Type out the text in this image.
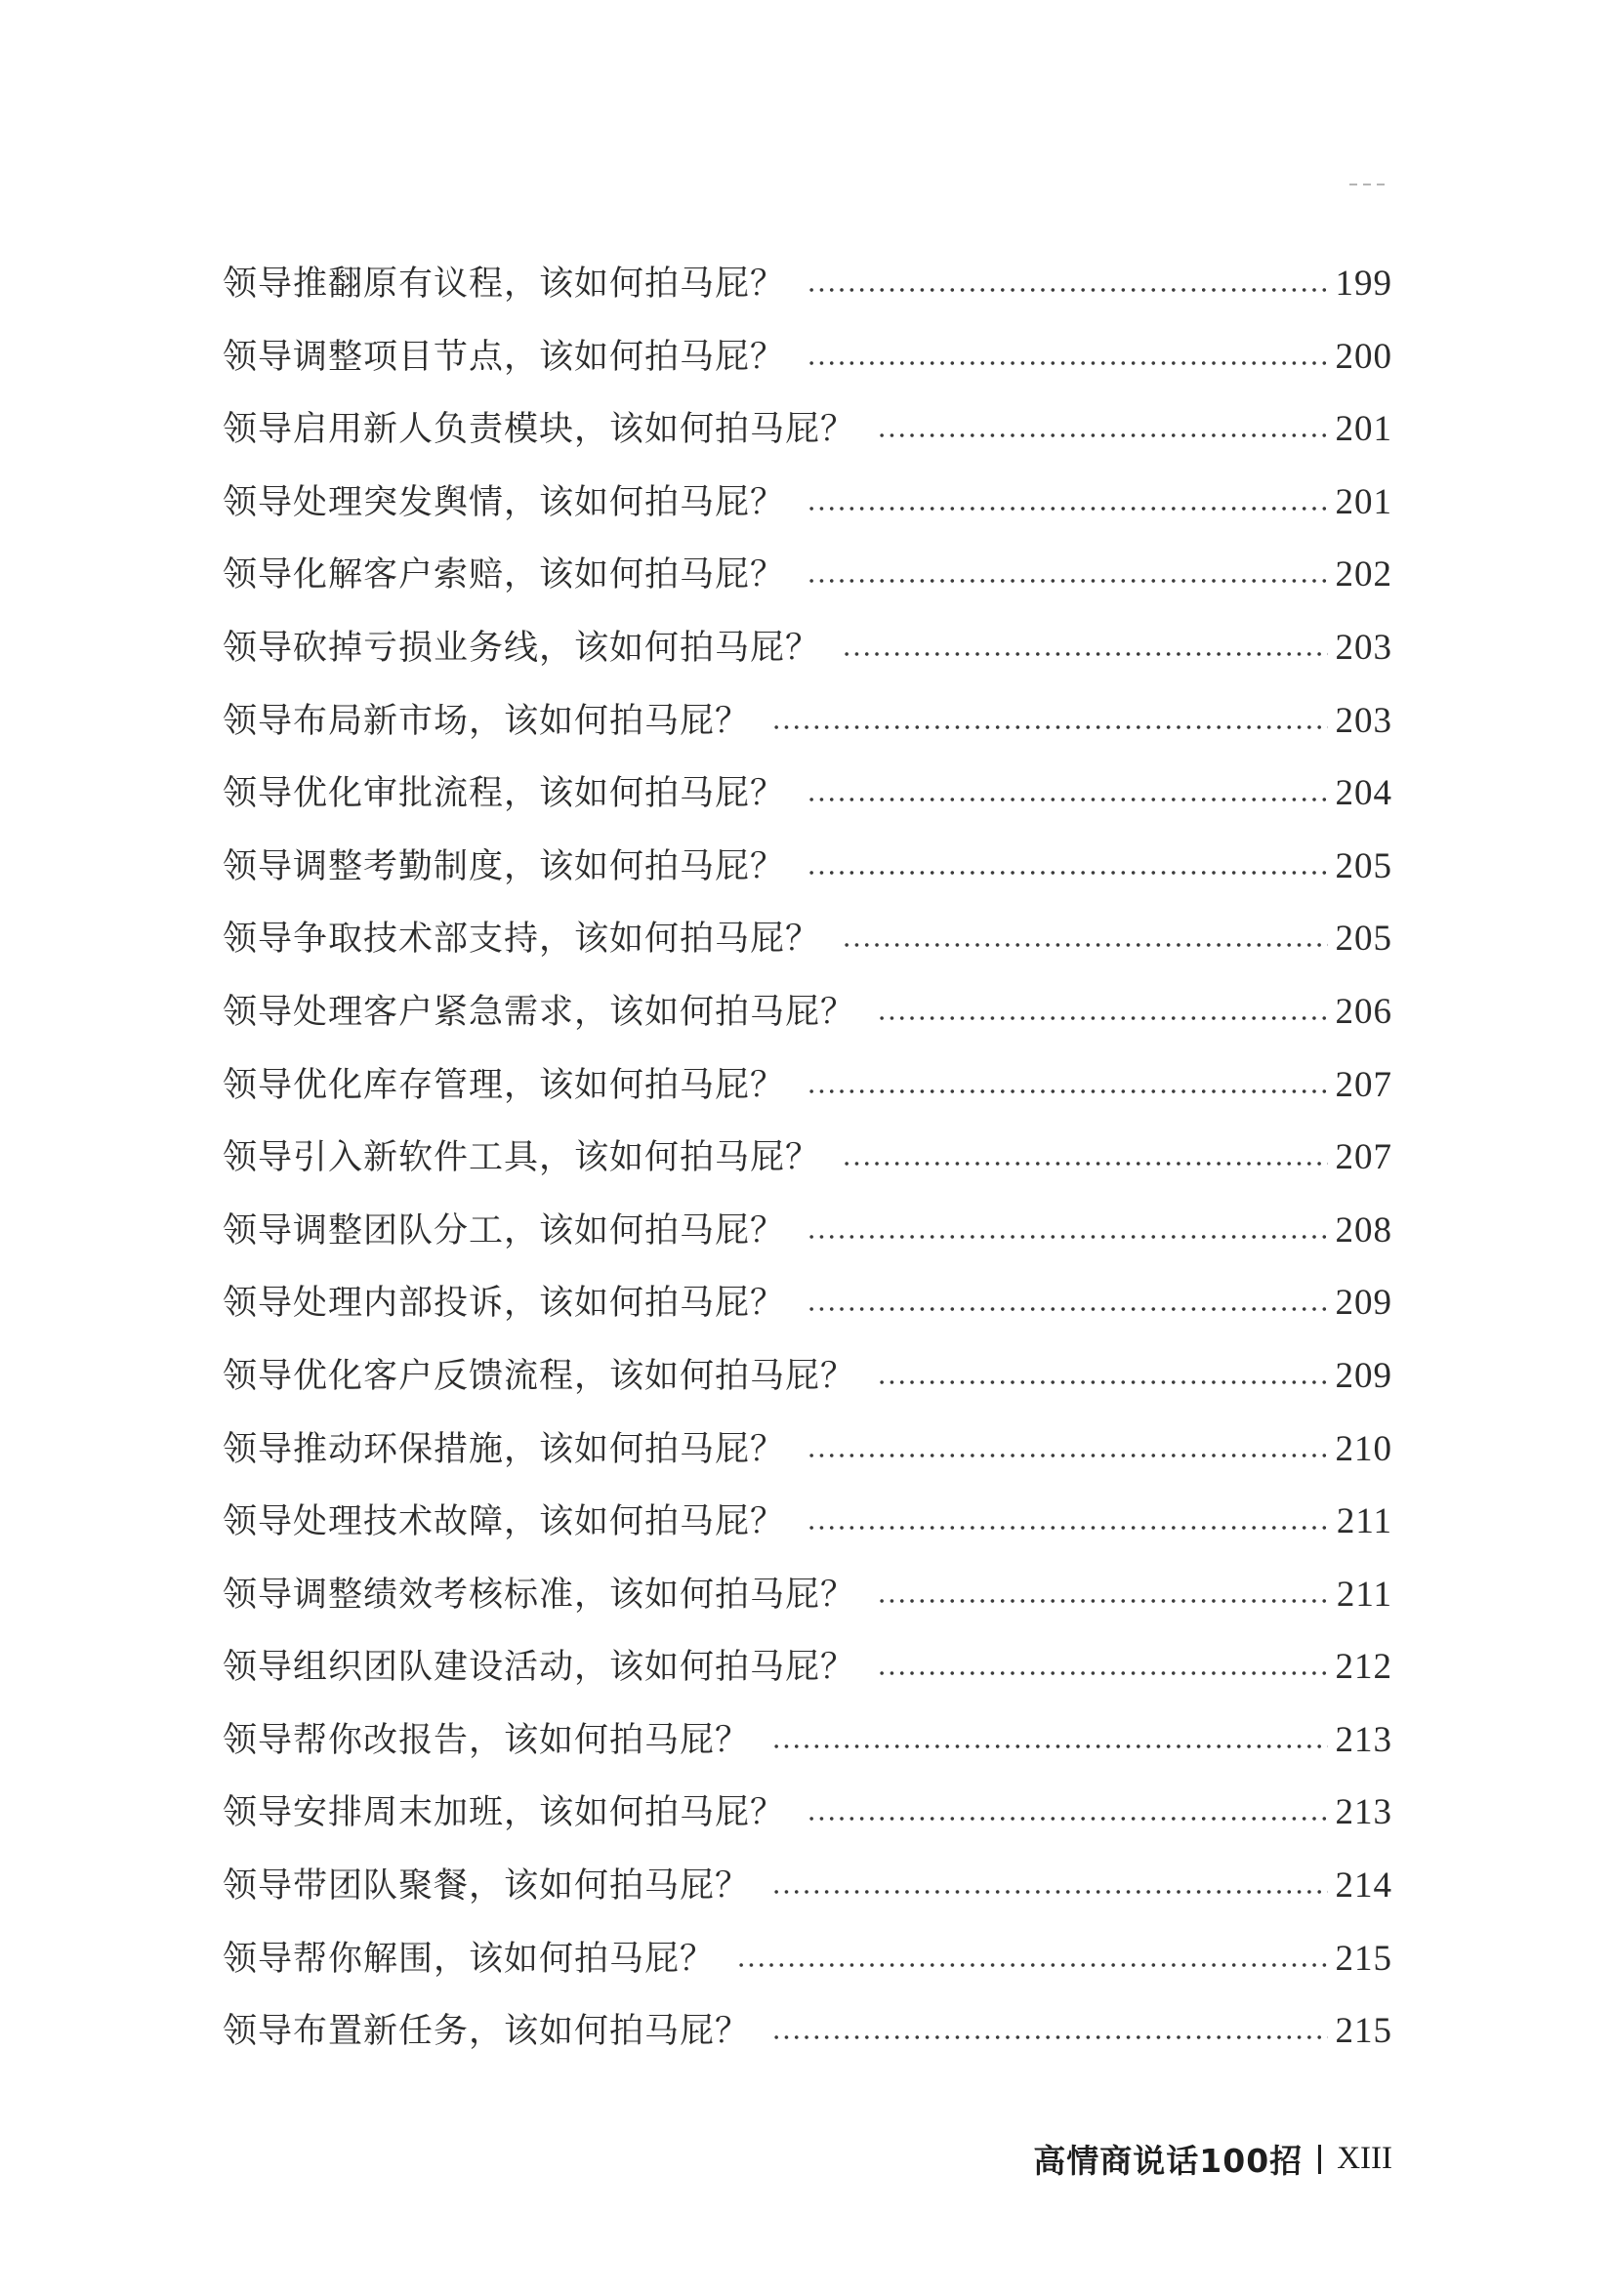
领导推翻原有议程，该如何拍马屁？	199
领导调整项目节点，该如何拍马屁？	200
领导启用新人负责模块，该如何拍马屁？	201
领导处理突发舆情，该如何拍马屁？	201
领导化解客户索赔，该如何拍马屁？	202
领导砍掉亏损业务线，该如何拍马屁？	203
领导布局新市场，该如何拍马屁？	203
领导优化审批流程，该如何拍马屁？	204
领导调整考勤制度，该如何拍马屁？	205
领导争取技术部支持，该如何拍马屁？	205
领导处理客户紧急需求，该如何拍马屁？	206
领导优化库存管理，该如何拍马屁？	207
领导引入新软件工具，该如何拍马屁？	207
领导调整团队分工，该如何拍马屁？	208
领导处理内部投诉，该如何拍马屁？	209
领导优化客户反馈流程，该如何拍马屁？	209
领导推动环保措施，该如何拍马屁？	210
领导处理技术故障，该如何拍马屁？	211
领导调整绩效考核标准，该如何拍马屁？	211
领导组织团队建设活动，该如何拍马屁？	212
领导帮你改报告，该如何拍马屁？	213
领导安排周末加班，该如何拍马屁？	213
领导带团队聚餐，该如何拍马屁？	214
领导帮你解围，该如何拍马屁？	215
领导布置新任务，该如何拍马屁？	215
高情商说话100招 XIII
